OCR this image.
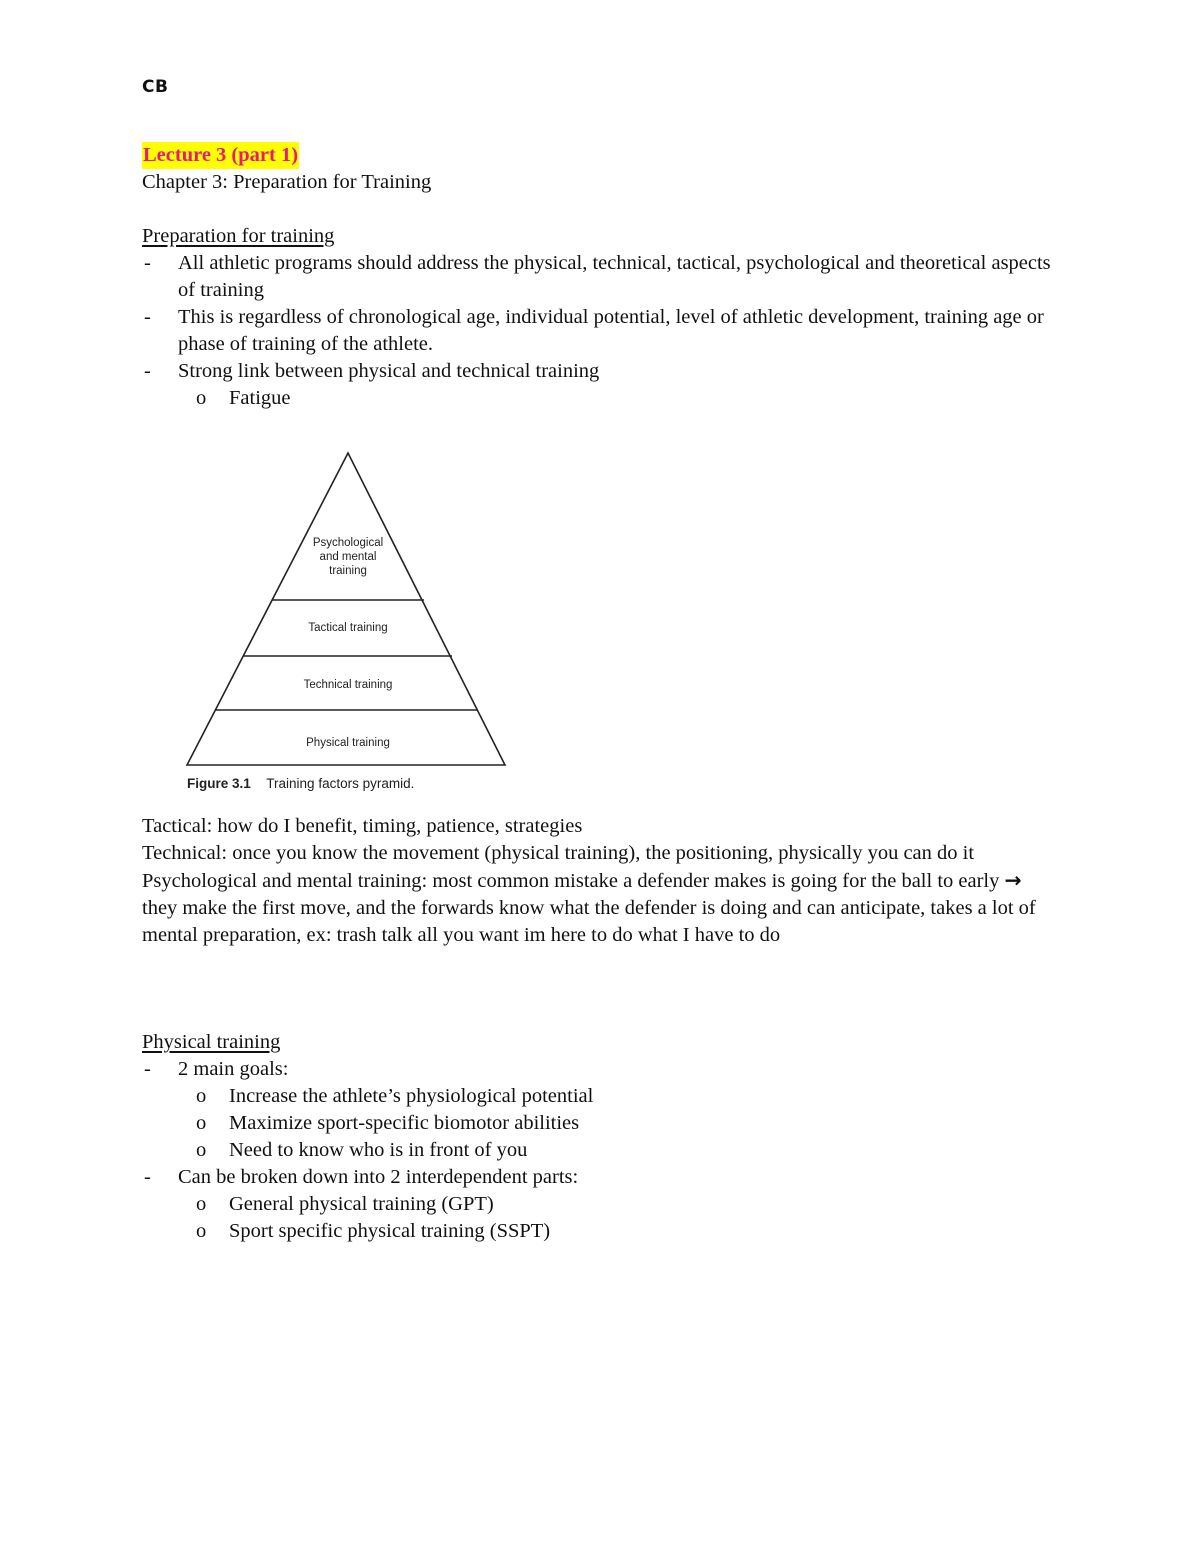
CB
Lecture 3 (part 1)
Chapter 3: Preparation for Training
Preparation for training
- All athletic programs should address the physical, technical, tactical, psychological and theoretical aspects of training
- This is regardless of chronological age, individual potential, level of athletic development, training age or phase of training of the athlete.
- Strong link between physical and technical training
o Fatigue
Psychological
and mental
training
Tactical training
Technical training
Physical training
Figure 3.1 Training factors pyramid.

Tactical: how do I benefit, timing, patience, strategies

Technical: once you know the movement (physical training), the positioning, physically you can do it

Psychological and mental training: most common mistake a defender makes is going for the ball to early → they make the first move, and the forwards know what the defender is doing and can anticipate, takes a lot of mental preparation, ex: trash talk all you want im here to do what I have to do

Physical training
- 2 main goals:
o Increase the athlete’s physiological potential
o Maximize sport-specific biomotor abilities
o Need to know who is in front of you
- Can be broken down into 2 interdependent parts:
o General physical training (GPT)
o Sport specific physical training (SSPT)
